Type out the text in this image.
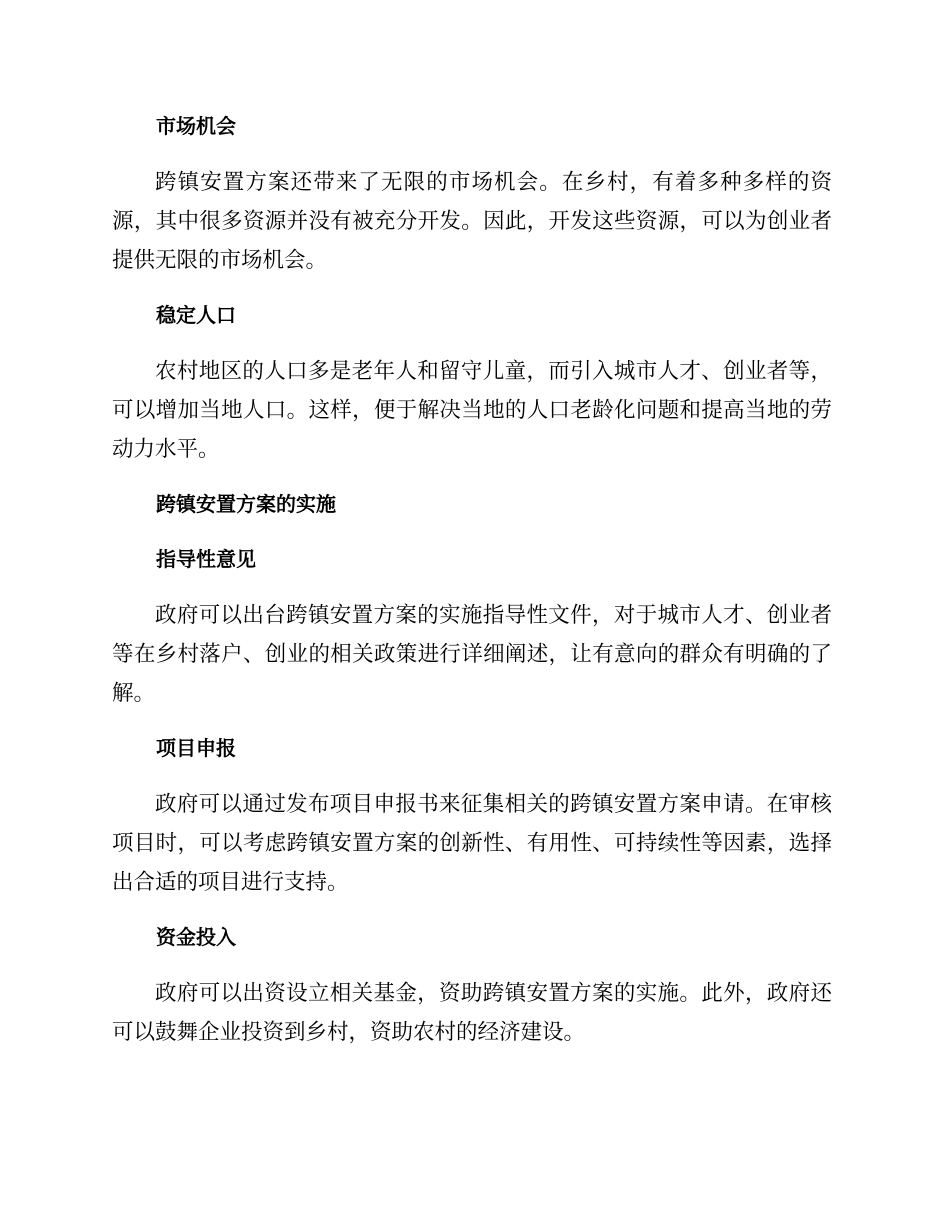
市场机会

跨镇安置方案还带来了无限的市场机会。在乡村，有着多种多样的资源，其中很多资源并没有被充分开发。因此，开发这些资源，可以为创业者提供无限的市场机会。

稳定人口

农村地区的人口多是老年人和留守儿童，而引入城市人才、创业者等，可以增加当地人口。这样，便于解决当地的人口老龄化问题和提高当地的劳动力水平。

跨镇安置方案的实施
指导性意见

政府可以出台跨镇安置方案的实施指导性文件，对于城市人才、创业者等在乡村落户、创业的相关政策进行详细阐述，让有意向的群众有明确的了解。

项目申报

政府可以通过发布项目申报书来征集相关的跨镇安置方案申请。在审核项目时，可以考虑跨镇安置方案的创新性、有用性、可持续性等因素，选择出合适的项目进行支持。

资金投入

政府可以出资设立相关基金，资助跨镇安置方案的实施。此外，政府还可以鼓舞企业投资到乡村，资助农村的经济建设。
